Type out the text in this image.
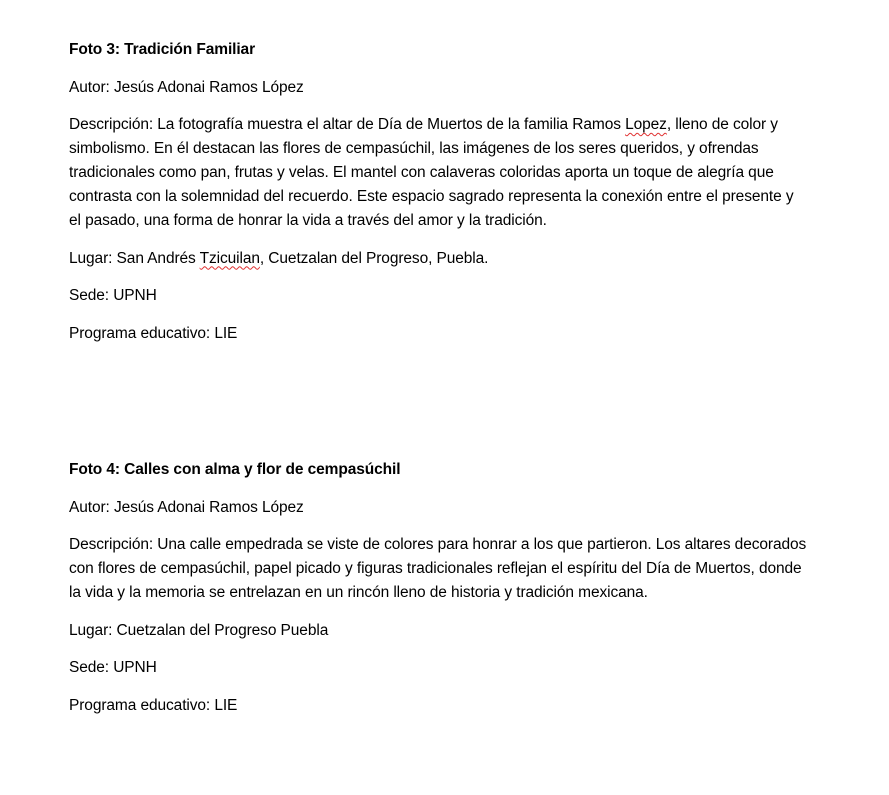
Foto 3: Tradición Familiar

Autor: Jesús Adonai Ramos López

Descripción: La fotografía muestra el altar de Día de Muertos de la familia Ramos Lopez, lleno de color y simbolismo. En él destacan las flores de cempasúchil, las imágenes de los seres queridos, y ofrendas tradicionales como pan, frutas y velas. El mantel con calaveras coloridas aporta un toque de alegría que contrasta con la solemnidad del recuerdo. Este espacio sagrado representa la conexión entre el presente y el pasado, una forma de honrar la vida a través del amor y la tradición.

Lugar: San Andrés Tzicuilan, Cuetzalan del Progreso, Puebla.

Sede: UPNH

Programa educativo: LIE

Foto 4: Calles con alma y flor de cempasúchil

Autor: Jesús Adonai Ramos López

Descripción: Una calle empedrada se viste de colores para honrar a los que partieron. Los altares decorados con flores de cempasúchil, papel picado y figuras tradicionales reflejan el espíritu del Día de Muertos, donde la vida y la memoria se entrelazan en un rincón lleno de historia y tradición mexicana.

Lugar: Cuetzalan del Progreso Puebla

Sede: UPNH

Programa educativo: LIE
